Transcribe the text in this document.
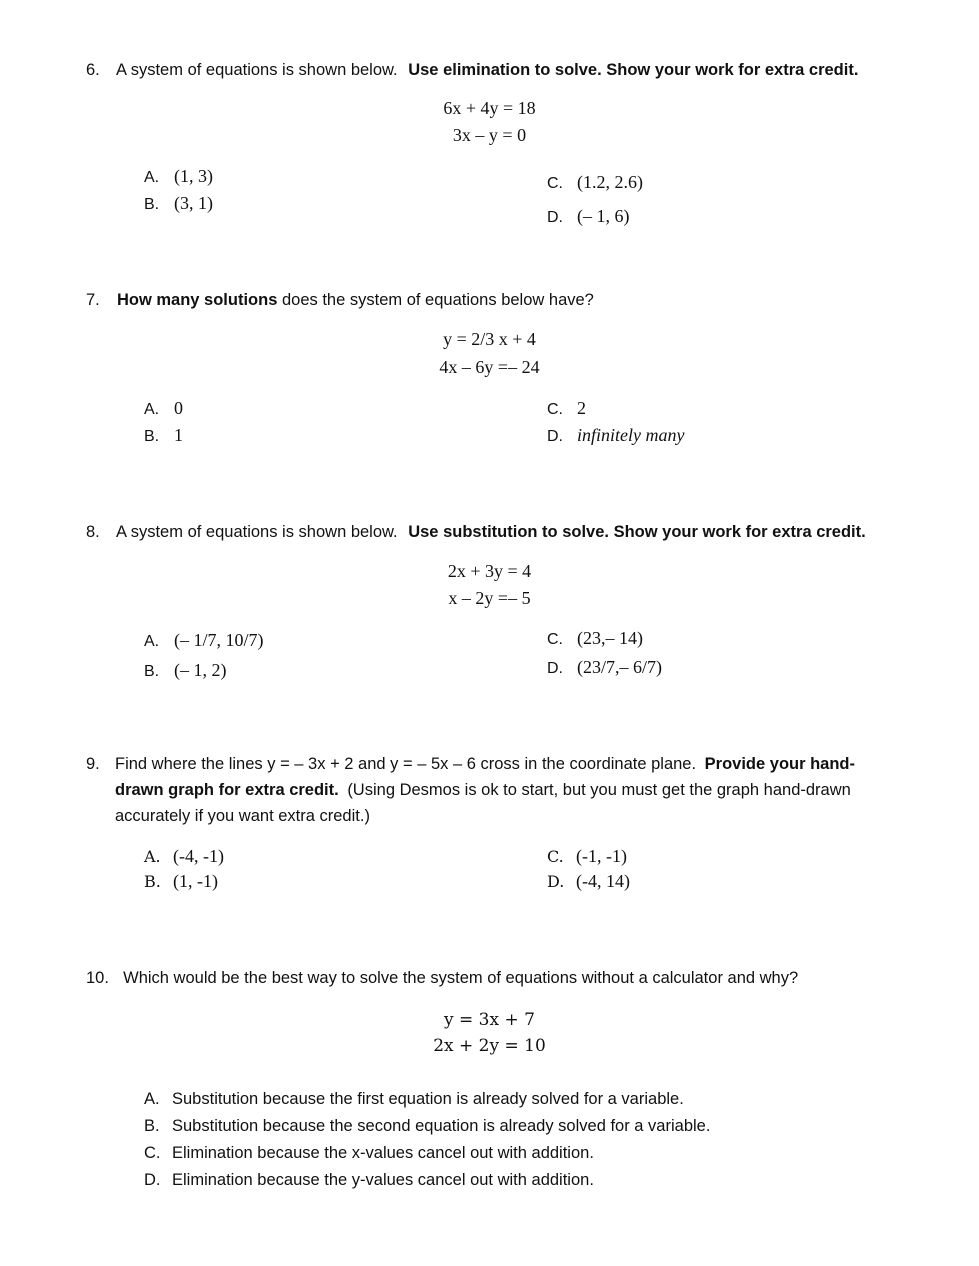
6. A system of equations is shown below. Use elimination to solve. Show your work for extra credit.
6x + 4y = 18
3x – y = 0
A. (1, 3)
B. (3, 1)
C. (1.2, 2.6)
D. (– 1, 6)
7. How many solutions does the system of equations below have?
y = 2/3 x + 4
4x – 6y =– 24
A. 0
B. 1
C. 2
D. infinitely many
8. A system of equations is shown below. Use substitution to solve. Show your work for extra credit.
2x + 3y = 4
x – 2y =– 5
A. (– 1/7, 10/7)
B. (– 1, 2)
C. (23,– 14)
D. (23/7,– 6/7)
9. Find where the lines y = – 3x + 2 and y = – 5x – 6 cross in the coordinate plane. Provide your hand-drawn graph for extra credit. (Using Desmos is ok to start, but you must get the graph hand-drawn accurately if you want extra credit.)
A. (-4, -1)
B. (1, -1)
C. (-1, -1)
D. (-4, 14)
10. Which would be the best way to solve the system of equations without a calculator and why?
y = 3x + 7
2x + 2y = 10
A. Substitution because the first equation is already solved for a variable.
B. Substitution because the second equation is already solved for a variable.
C. Elimination because the x-values cancel out with addition.
D. Elimination because the y-values cancel out with addition.
